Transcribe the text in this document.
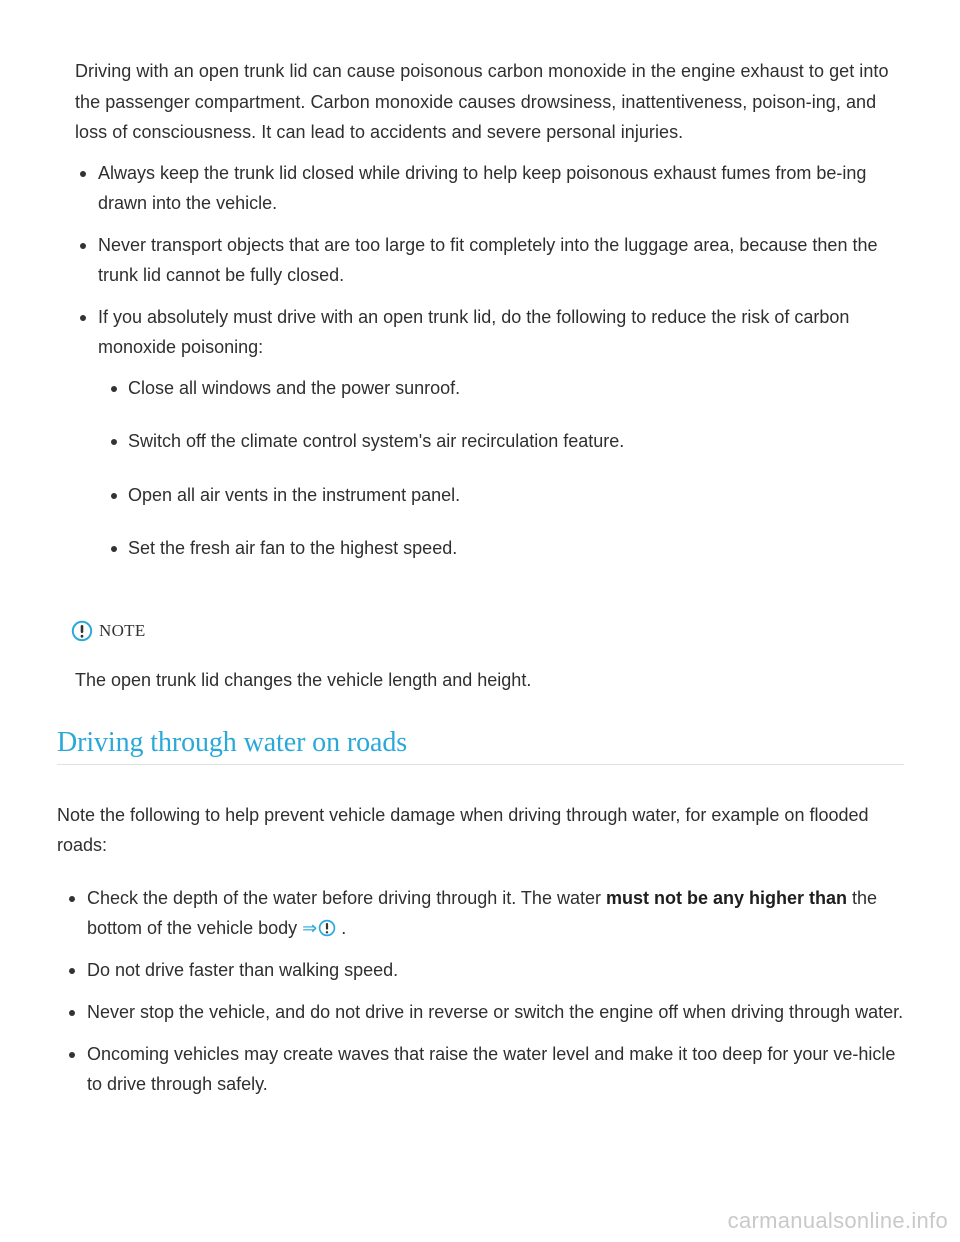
Driving with an open trunk lid can cause poisonous carbon monoxide in the engine exhaust to get into the passenger compartment. Carbon monoxide causes drowsiness, inattentiveness, poison-ing, and loss of consciousness. It can lead to accidents and severe personal injuries.

Always keep the trunk lid closed while driving to help keep poisonous exhaust fumes from be-ing drawn into the vehicle.
Never transport objects that are too large to fit completely into the luggage area, because then the trunk lid cannot be fully closed.
If you absolutely must drive with an open trunk lid, do the following to reduce the risk of carbon monoxide poisoning:
Close all windows and the power sunroof.
Switch off the climate control system's air recirculation feature.
Open all air vents in the instrument panel.
Set the fresh air fan to the highest speed.
NOTE

The open trunk lid changes the vehicle length and height.

Driving through water on roads

Note the following to help prevent vehicle damage when driving through water, for example on flooded roads:

Check the depth of the water before driving through it. The water must not be any higher than the bottom of the vehicle body ⇒ .
Do not drive faster than walking speed.
Never stop the vehicle, and do not drive in reverse or switch the engine off when driving through water.
Oncoming vehicles may create waves that raise the water level and make it too deep for your ve-hicle to drive through safely.
carmanualsonline.info
